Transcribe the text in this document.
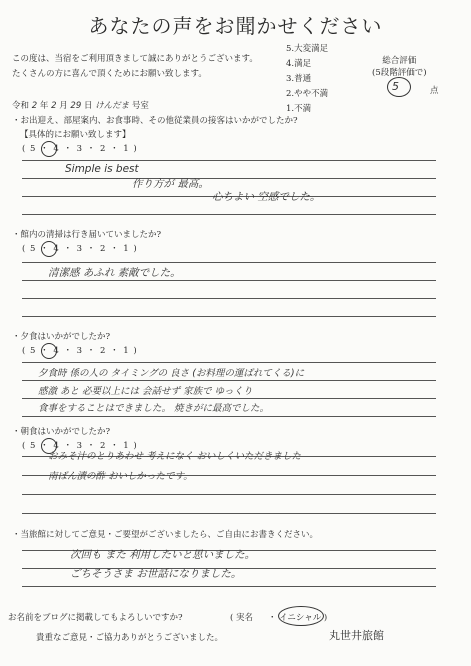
あなたの声をお聞かせください
この度は、当宿をご利用頂きまして誠にありがとうございます。
たくさんの方に喜んで頂くためにお願い致します。
5.大変満足
4.満足
3.普通
2.やや不満
1.不満
総合評価
(5段階評価で)
5	点
令和 2 年 2 月 29 日 けんだま 号室
・お出迎え、部屋案内、お食事時、その他従業員の接客はいかがでしたか?
【具体的にお願い致します】
( 5 ・ 4 ・ 3 ・ 2 ・ 1 )
Simple is best
作り方が 最高。
心ちよい 空感でした。
・館内の清掃は行き届いていましたか?
( 5 ・ 4 ・ 3 ・ 2 ・ 1 )
清潔感 あふれ 素敵でした。
・夕食はいかがでしたか?
( 5 ・ 4 ・ 3 ・ 2 ・ 1 )
夕食時 係の人の タイミングの 良さ (お料理の運ばれてくる)に
感激 あと 必要以上には 会話せず 家族で ゆっくり
食事をすることはできました。 焼きがに最高でした。
・朝食はいかがでしたか?
( 5 ・ 4 ・ 3 ・ 2 ・ 1 )
おみそ汁のとりあわせ 考えになく おいしくいただきました
南ばん漬の酢 おいしかったです。
・当旅館に対してご意見・ご要望がございましたら、ご自由にお書きください。
次回も また 利用したいと思いました。
ごちそうさま お世話になりました。
お名前をブログに掲載してもよろしいですか?	( 実名 ・ イニシャル )
貴重なご意見・ご協力ありがとうございました。	丸世井旅館
